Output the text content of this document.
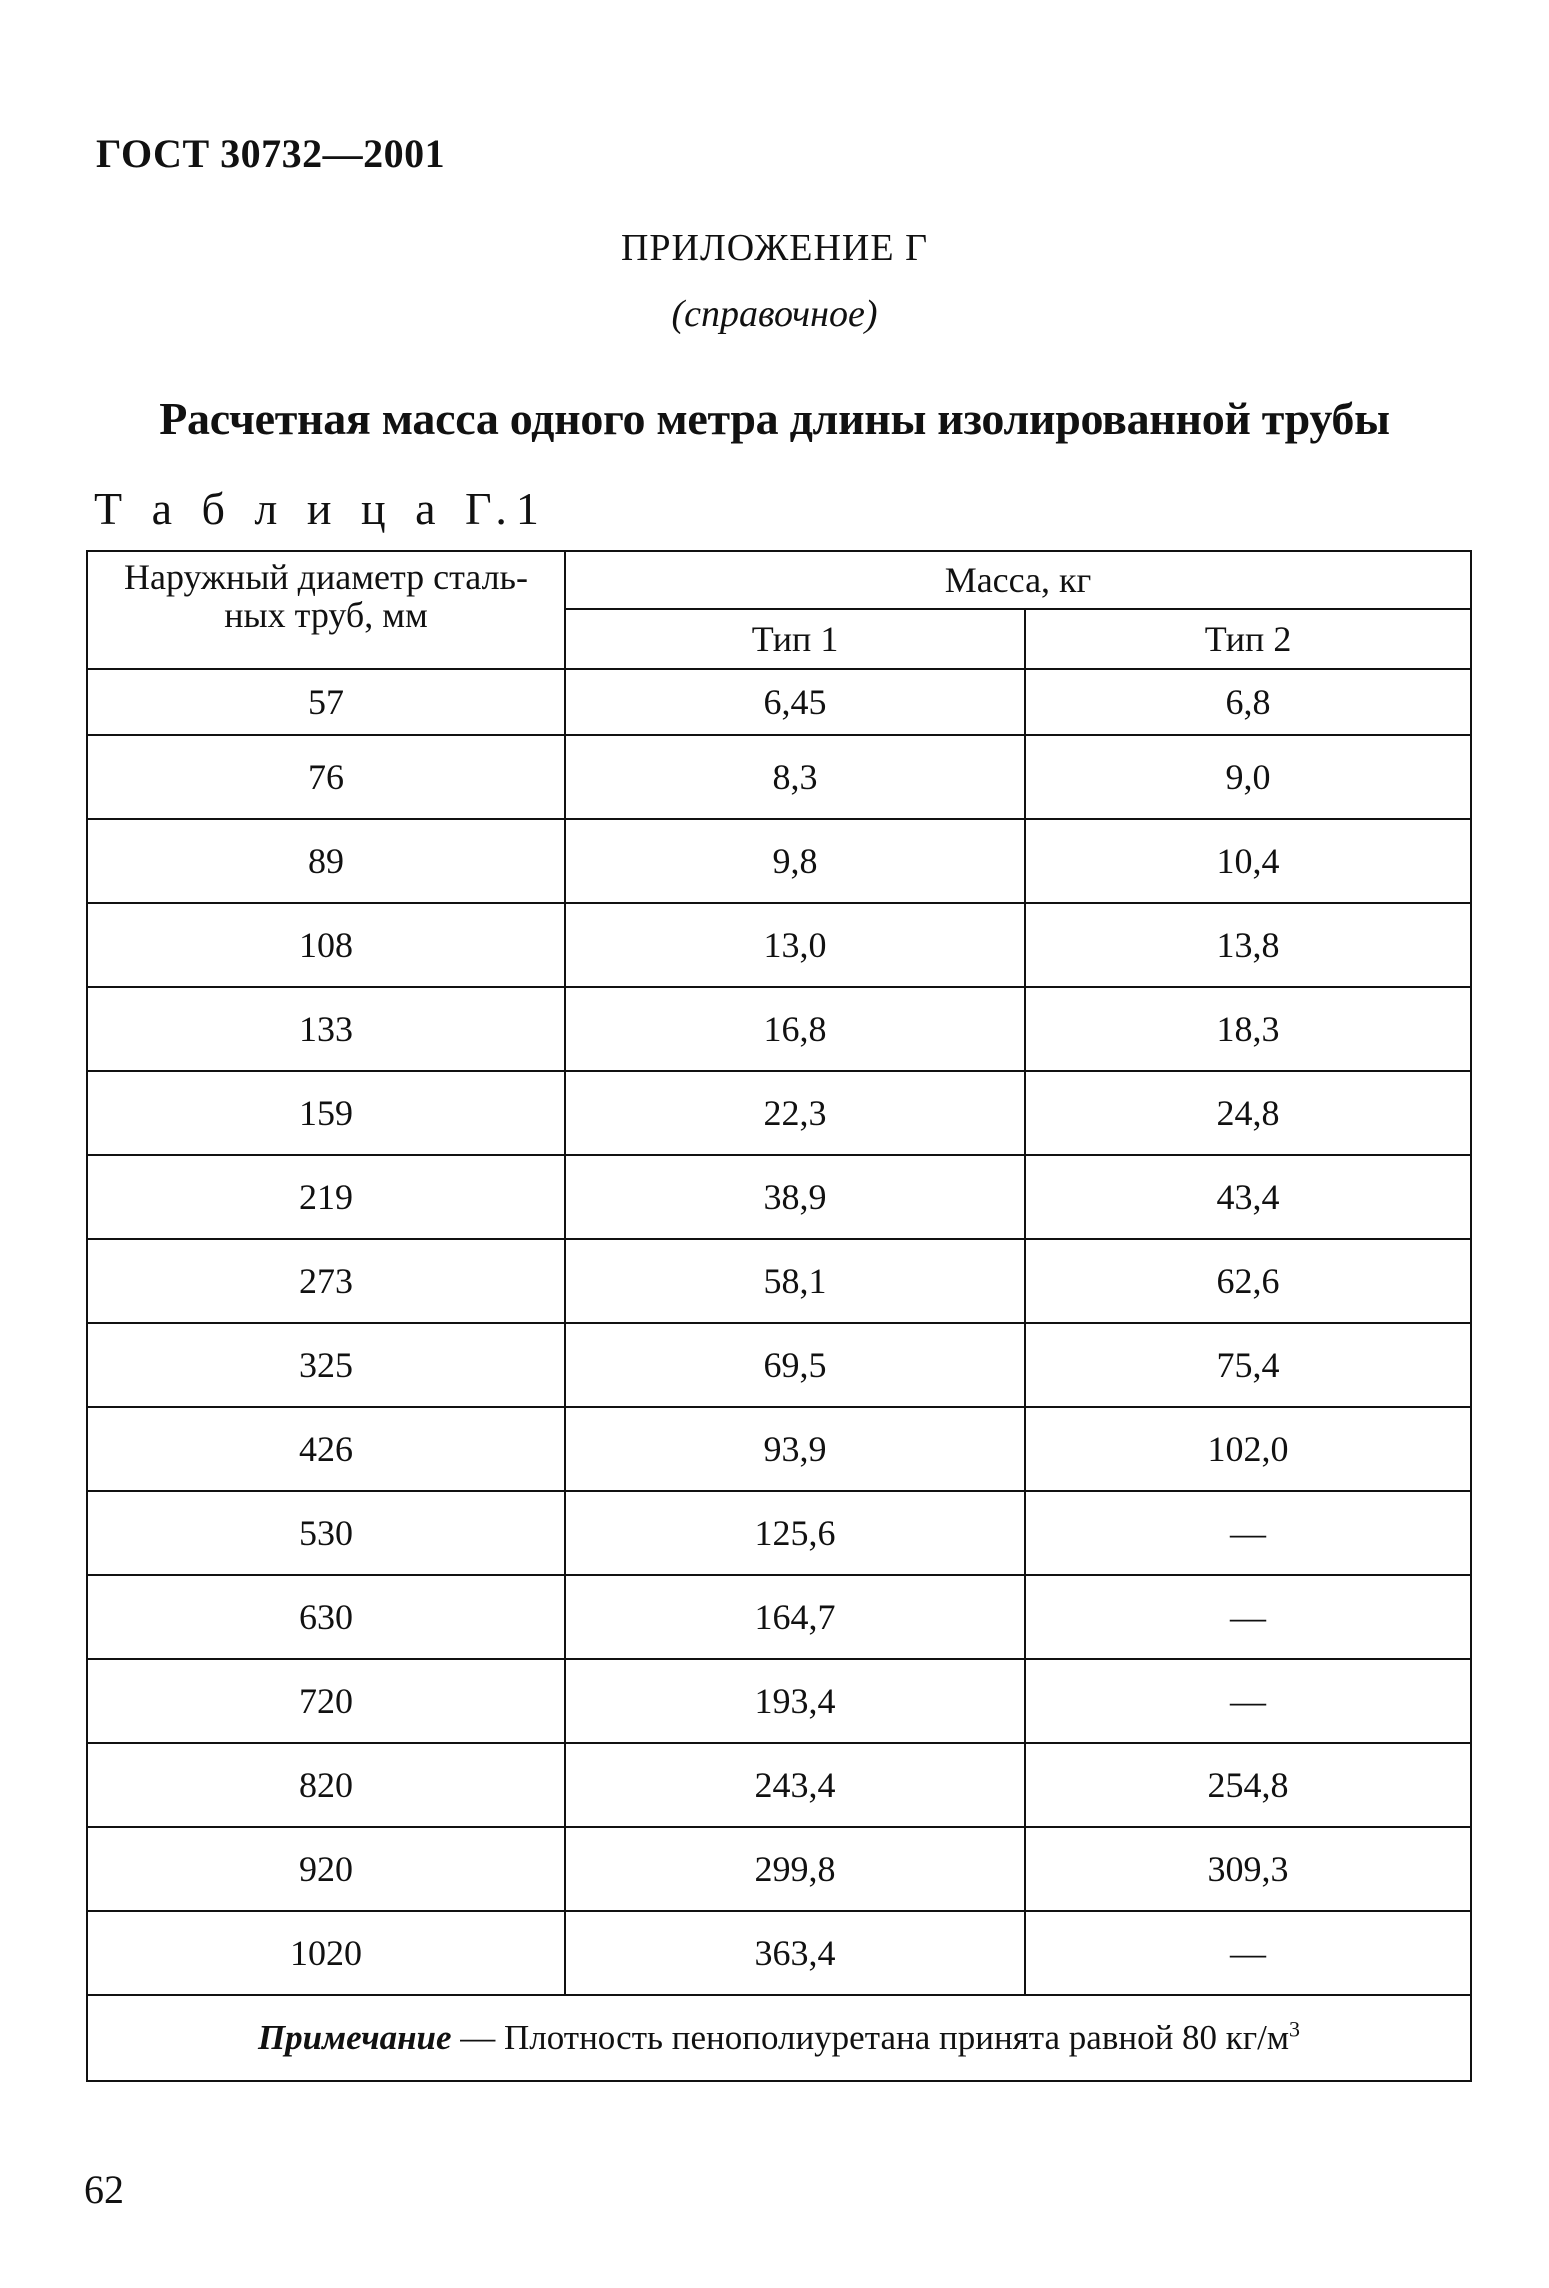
ГОСТ 30732—2001
ПРИЛОЖЕНИЕ Г
(справочное)
Расчетная масса одного метра длины изолированной трубы
Т а б л и ц а Г.1
Наружный диаметр сталь-
ных труб, мм	Масса, кг	
	Тип 1	Тип 2
57	6,45	6,8
76	8,3	9,0
89	9,8	10,4
108	13,0	13,8
133	16,8	18,3
159	22,3	24,8
219	38,9	43,4
273	58,1	62,6
325	69,5	75,4
426	93,9	102,0
530	125,6	—
630	164,7	—
720	193,4	—
820	243,4	254,8
920	299,8	309,3
1020	363,4	—
Примечание — Плотность пенополиуретана принята равной 80 $кг/м^3$
62
